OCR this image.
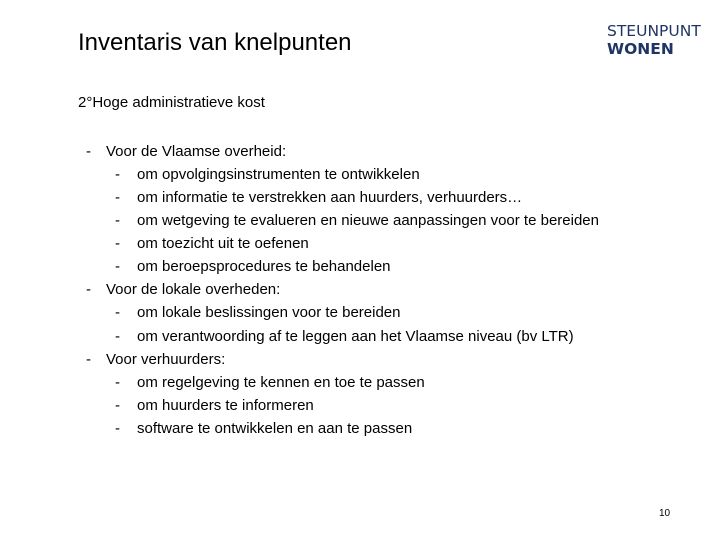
Inventaris van knelpunten	STEUNPUNT
WONEN
2°Hoge administratieve kost
- Voor de Vlaamse overheid:
- om opvolgingsinstrumenten te ontwikkelen
- om informatie te verstrekken aan huurders, verhuurders…
- om wetgeving te evalueren en nieuwe aanpassingen voor te bereiden
- om toezicht uit te oefenen
- om beroepsprocedures te behandelen
- Voor de lokale overheden:
- om lokale beslissingen voor te bereiden
- om verantwoording af te leggen aan het Vlaamse niveau (bv LTR)
- Voor verhuurders:
- om regelgeving te kennen en toe te passen
- om huurders te informeren
- software te ontwikkelen en aan te passen
10
